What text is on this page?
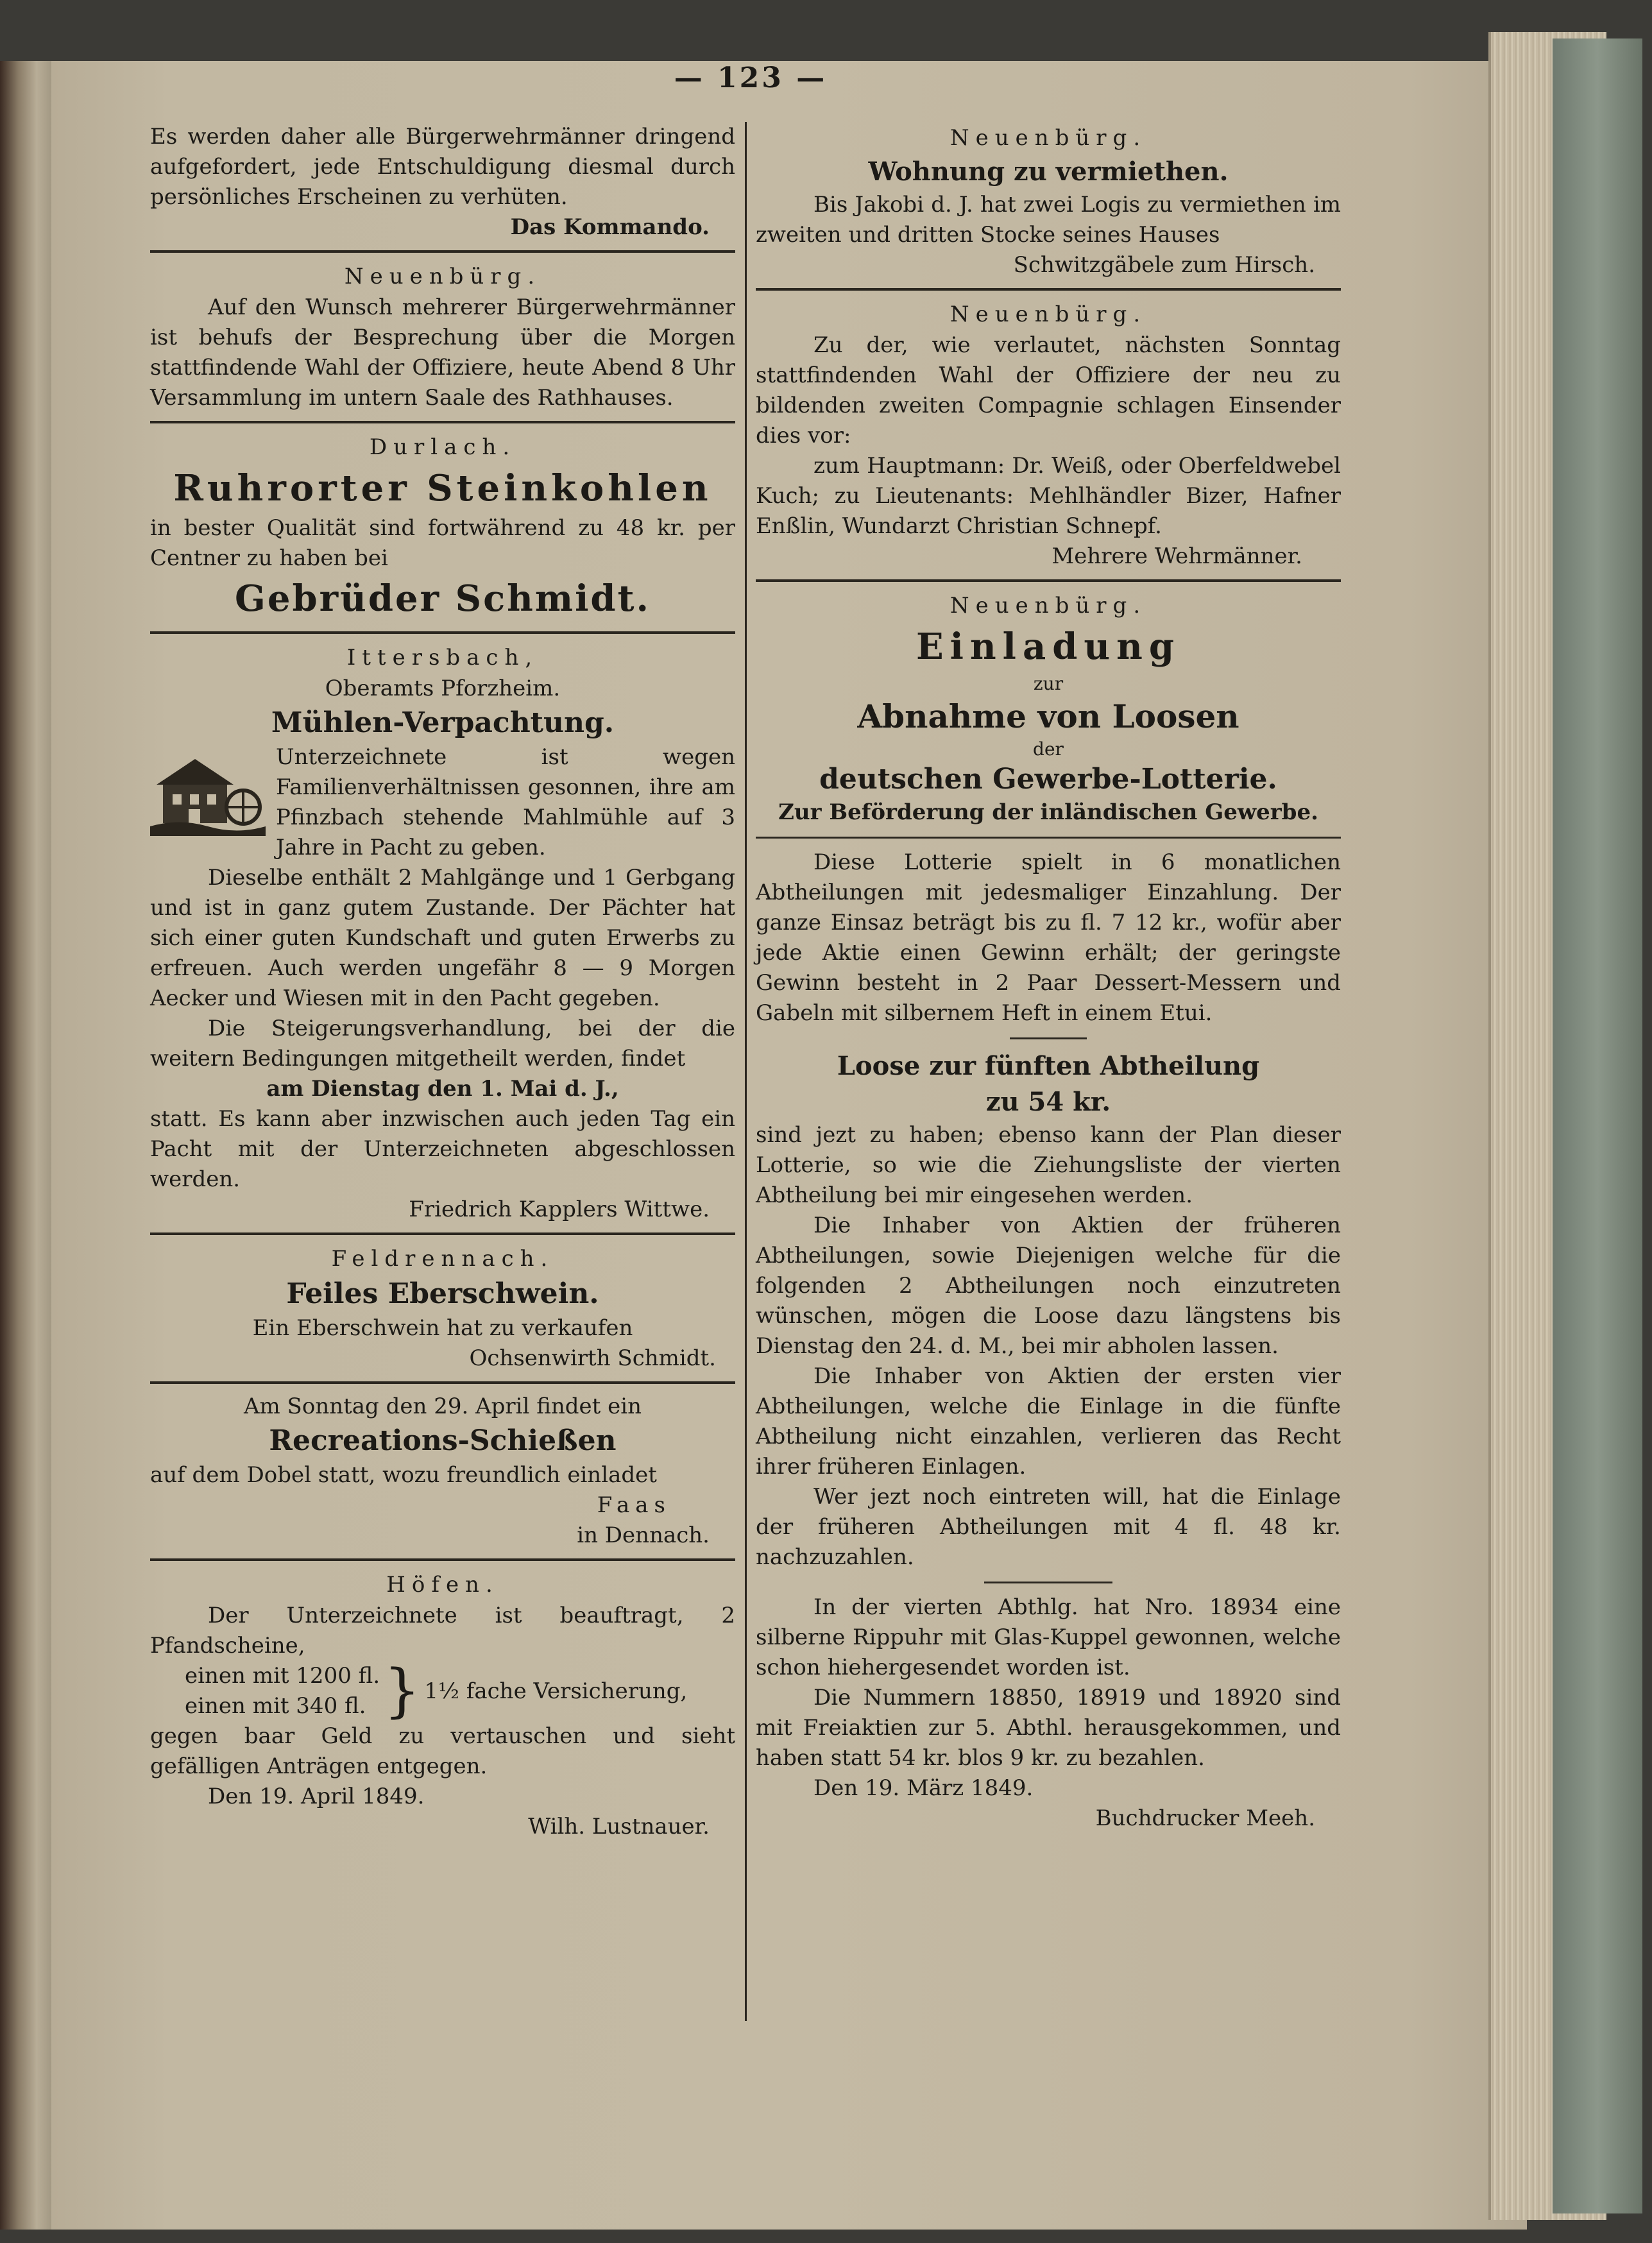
— 123 —

Es werden daher alle Bürgerwehrmänner dringend aufgefordert, jede Entschuldigung diesmal durch persönliches Erscheinen zu verhüten.

Das Kommando.

Neuenbürg.

Auf den Wunsch mehrerer Bürgerwehrmänner ist behufs der Besprechung über die Morgen stattfindende Wahl der Offiziere, heute Abend 8 Uhr Versammlung im untern Saale des Rathhauses.

Durlach.

Ruhrorter Steinkohlen

in bester Qualität sind fortwährend zu 48 kr. per Centner zu haben bei

Gebrüder Schmidt.

Ittersbach,

Oberamts Pforzheim.

Mühlen-Verpachtung.

Unterzeichnete ist wegen Familienverhältnissen gesonnen, ihre am Pfinzbach stehende Mahlmühle auf 3 Jahre in Pacht zu geben.

Dieselbe enthält 2 Mahlgänge und 1 Gerbgang und ist in ganz gutem Zustande. Der Pächter hat sich einer guten Kundschaft und guten Erwerbs zu erfreuen. Auch werden ungefähr 8 — 9 Morgen Aecker und Wiesen mit in den Pacht gegeben.

Die Steigerungsverhandlung, bei der die weitern Bedingungen mitgetheilt werden, findet

am Dienstag den 1. Mai d. J.,

statt. Es kann aber inzwischen auch jeden Tag ein Pacht mit der Unterzeichneten abgeschlossen werden.

Friedrich Kapplers Wittwe.

Feldrennach.

Feiles Eberschwein.

Ein Eberschwein hat zu verkaufen

Ochsenwirth Schmidt.

Am Sonntag den 29. April findet ein

Recreations-Schießen

auf dem Dobel statt, wozu freundlich einladet

Faas

in Dennach.

Höfen.

Der Unterzeichnete ist beauftragt, 2 Pfandscheine,

einen mit 1200 fl.
einen mit 340 fl. } 1½ fache Versicherung,

gegen baar Geld zu vertauschen und sieht gefälligen Anträgen entgegen.

Den 19. April 1849.

Wilh. Lustnauer.

Neuenbürg.

Wohnung zu vermiethen.

Bis Jakobi d. J. hat zwei Logis zu vermiethen im zweiten und dritten Stocke seines Hauses

Schwitzgäbele zum Hirsch.

Neuenbürg.

Zu der, wie verlautet, nächsten Sonntag stattfindenden Wahl der Offiziere der neu zu bildenden zweiten Compagnie schlagen Einsender dies vor:

zum Hauptmann: Dr. Weiß, oder Oberfeldwebel Kuch; zu Lieutenants: Mehlhändler Bizer, Hafner Enßlin, Wundarzt Christian Schnepf.

Mehrere Wehrmänner.

Neuenbürg.

Einladung

zur

Abnahme von Loosen

der

deutschen Gewerbe-Lotterie.

Zur Beförderung der inländischen Gewerbe.

Diese Lotterie spielt in 6 monatlichen Abtheilungen mit jedesmaliger Einzahlung. Der ganze Einsaz beträgt bis zu fl. 7 12 kr., wofür aber jede Aktie einen Gewinn erhält; der geringste Gewinn besteht in 2 Paar Dessert-Messern und Gabeln mit silbernem Heft in einem Etui.

Loose zur fünften Abtheilung

zu 54 kr.

sind jezt zu haben; ebenso kann der Plan dieser Lotterie, so wie die Ziehungsliste der vierten Abtheilung bei mir eingesehen werden.

Die Inhaber von Aktien der früheren Abtheilungen, sowie Diejenigen welche für die folgenden 2 Abtheilungen noch einzutreten wünschen, mögen die Loose dazu längstens bis Dienstag den 24. d. M., bei mir abholen lassen.

Die Inhaber von Aktien der ersten vier Abtheilungen, welche die Einlage in die fünfte Abtheilung nicht einzahlen, verlieren das Recht ihrer früheren Einlagen.

Wer jezt noch eintreten will, hat die Einlage der früheren Abtheilungen mit 4 fl. 48 kr. nachzuzahlen.

In der vierten Abthlg. hat Nro. 18934 eine silberne Rippuhr mit Glas-Kuppel gewonnen, welche schon hiehergesendet worden ist.

Die Nummern 18850, 18919 und 18920 sind mit Freiaktien zur 5. Abthl. herausgekommen, und haben statt 54 kr. blos 9 kr. zu bezahlen.

Den 19. März 1849.

Buchdrucker Meeh.
